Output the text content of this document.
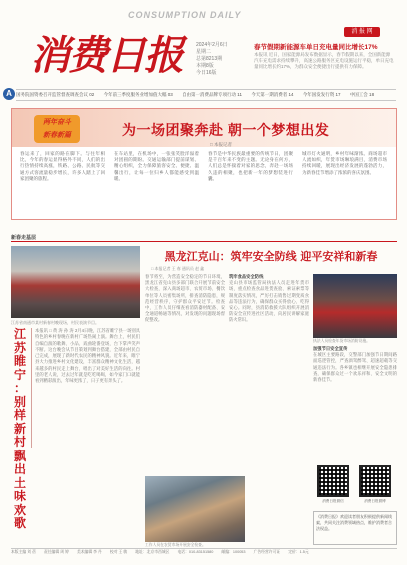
CONSUMPTION DAILY
消费日报	2024年2月6日
星期二
总第8213期
本期8版
今日16版
消 报 网
春节假期新能源车单日充电量同比增长17%
本报讯 近日，国家能源局发布数据显示，春节假期以来，全国新能源汽车充电需求持续攀升，高速公路服务区充电设施运行平稳，单日充电量同比增长约17%，为群众安全便捷出行提供有力保障。
A 国务院国资委召开监管督查调查会议 02 今年前三季度服务业增加值大幅 03 自由第一消费品牌专项行动 11 今天第一期消费者 14 今年国发发行资 17 中国工会 18
两年奋斗
新春新篇	为一场团聚奔赴 朝一个梦想出发
□ 本报记者
春运来了，回家的路在脚下。与往年相比，今年的春运显得格外不同，人们的出行热情持续高涨，铁路、公路、民航等交通方式客流量稳步增长，许多人踏上了回家团聚的旅程。
在车站里，在机场中，一张张笑脸洋溢着对团圆的期盼。交通运输部门提前谋划、精心组织，全力保障旅客安全、便捷、温馨出行，让每一位归乡人都能感受到温暖。
春节是中华民族最重要的传统节日，团聚是千百年来不变的主题。无论身在何方，人们总是怀揣着对家的思念，奔赴一场场久违的相聚，也把新一年的梦想装进行囊。
城市灯火通明，乡村年味渐浓。商场超市人流如织，年货市场琳琅满目，消费市场持续回暖，展现出经济发展的蓬勃活力，为新春佳节增添了浓浓的喜庆氛围。
新春走基层
江苏省南通市某村新春村晚现场，村民表演节目。
江苏
睢宁
：
别样
新村
飘出
土味
欢歌
本报讯 □ 黄 涛 孙 涛 2月4日晚，江苏省睢宁县一场别具特色的乡村春晚在新村广场热闹上演。舞台上，村民们自编自演的歌舞、小品、戏曲轮番登场，台下掌声笑声不断。这台晚会从节目策划到舞台搭建，全部由村民自己完成，展现了新时代农民的精神风貌。近年来，睢宁县大力推进乡村文化建设，丰富群众精神文化生活，越来越多的村民走上舞台，唱出了对美好生活的向往。村里的老人说，过去过年就是吃吃喝喝，如今家门口就能看到精彩演出，年味更浓了，日子更有奔头了。
黑龙江克山：筑牢安全防线 迎平安祥和新春
□ 本报记者 王 春 通讯员 赵 鑫
春节将至，为营造安全稳定的节日环境，黑龙江省克山县多部门联合开展节前安全大检查，深入商场超市、农贸市场、餐饮单位等人员密集场所，排查消防隐患，规范经营秩序，守护群众平安过节。检查中，工作人员仔细查看消防器材配备、安全通道畅通等情况，对发现的问题现场督促整改。
筑牢食品安全防线
克山县市场监管局执法人员走进年货市场，重点检查食品进货查验、索证索票等制度落实情况，严厉打击销售过期变质食品等违法行为，确保群众买得放心、吃得安心。同时，县消防救援大队组织开展消防安全宣传进社区活动，向居民讲解家庭防火常识。
执法人员检查年货市场消防设施。
加强节日安全宣传
在城区主要路段，交警部门加强节日期间路面巡逻管控，严查酒驾醉驾、超速超载等交通违法行为。各乡镇也相继开展安全隐患排查，确保群众过一个欢乐祥和、安全文明的新春佳节。
消费日报微信	消费日报微博
《消费日报》欢迎读者朋友积极提供新闻线索，共同关注消费领域热点，维护消费者合法权益。
工作人员在农贸市场开展安全检查。
本版主编 刘 蓓 责任编辑 周 婷 美术编辑 李 丹 校对 王 敏 地址：北京市西城区 电话：010-83151580 邮编：100053 广告经营许可证 定价：1.5元
